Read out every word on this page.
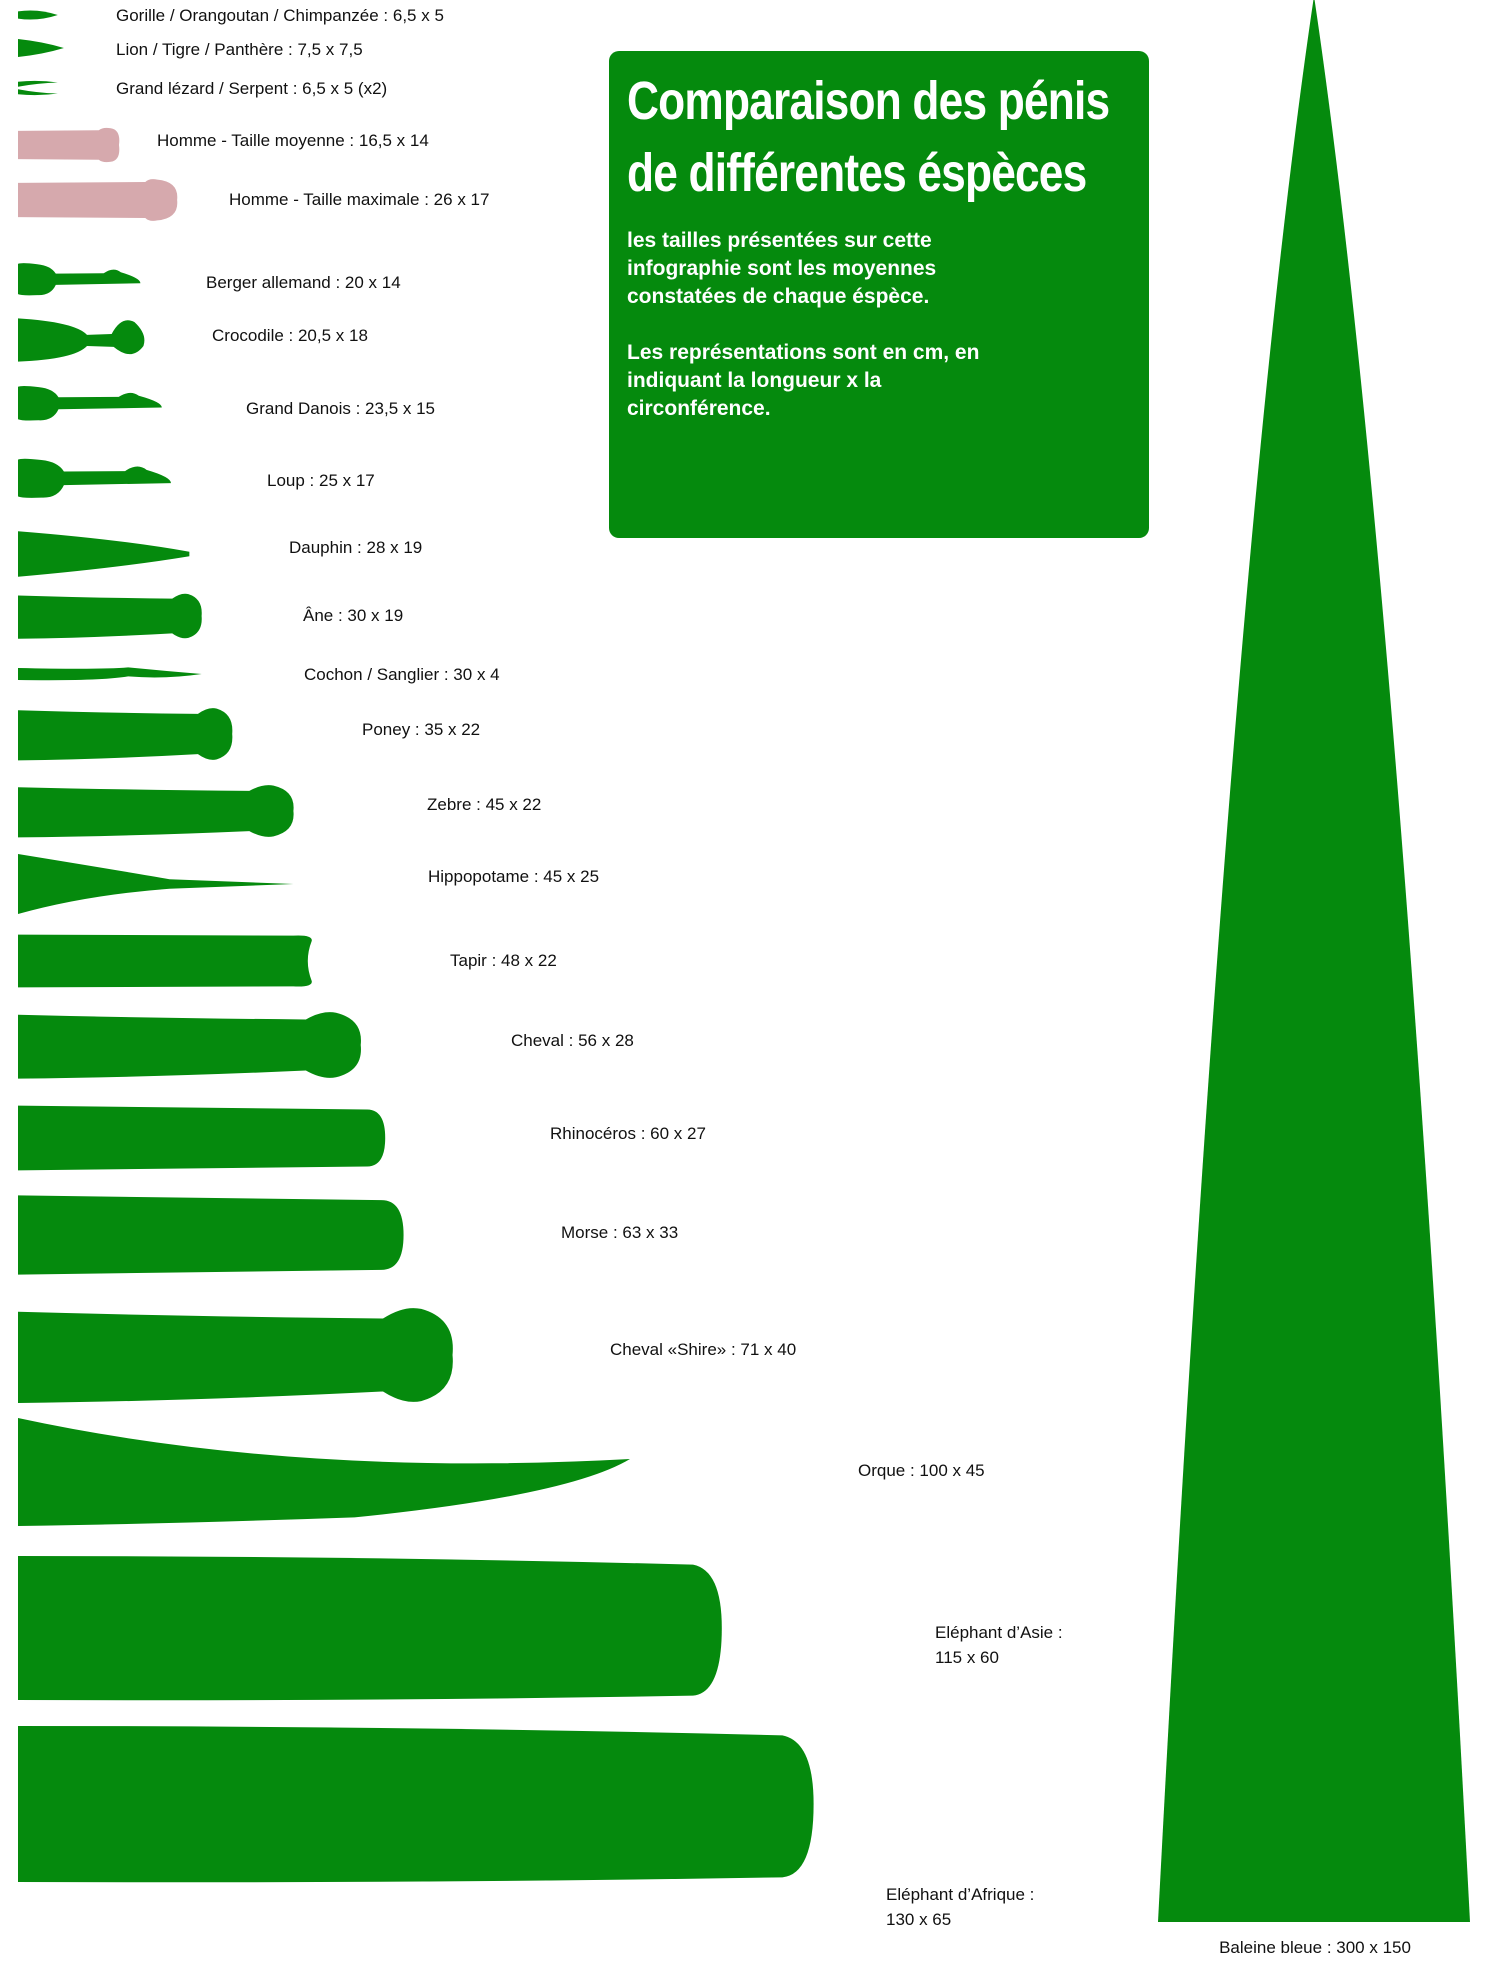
Gorille / Orangoutan / Chimpanzée : 6,5 x 5
Lion / Tigre / Panthère : 7,5 x 7,5
Grand lézard / Serpent : 6,5 x 5 (x2)
Homme - Taille moyenne : 16,5 x 14
Homme - Taille maximale : 26 x 17
Berger allemand : 20 x 14
Crocodile : 20,5 x 18
Grand Danois : 23,5 x 15
Loup : 25 x 17
Dauphin : 28 x 19
Âne : 30 x 19
Cochon / Sanglier : 30 x 4
Poney : 35 x 22
Zebre : 45 x 22
Hippopotame : 45 x 25
Tapir : 48 x 22
Cheval : 56 x 28
Rhinocéros : 60 x 27
Morse : 63 x 33
Cheval «Shire» : 71 x 40
Orque : 100 x 45
Eléphant d’Asie : 115 x 60
Eléphant d’Afrique : 130 x 65
Baleine bleue : 300 x 150
Comparaison des pénis de différentes éspèces
les tailles présentées sur cette infographie sont les moyennes constatées de chaque éspèce.
Les représentations sont en cm, en indiquant la longueur x la circonférence.
